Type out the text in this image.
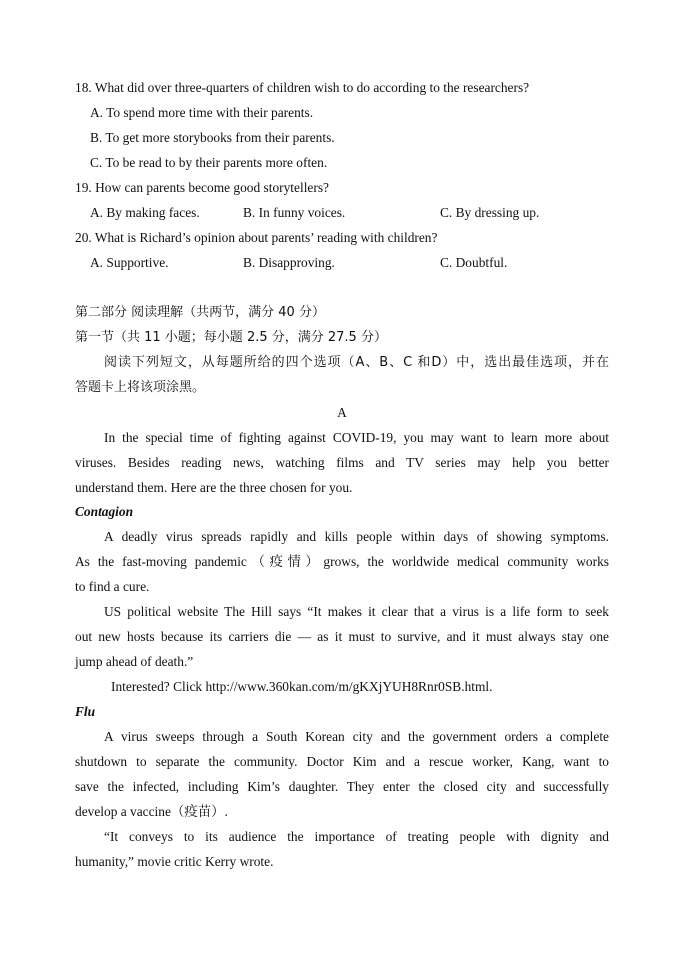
18. What did over three-quarters of children wish to do according to the researchers?
A. To spend more time with their parents.
B. To get more storybooks from their parents.
C. To be read to by their parents more often.
19. How can parents become good storytellers?
A. By making faces.	B. In funny voices.	C. By dressing up.
20. What is Richard’s opinion about parents’ reading with children?
A. Supportive.	B. Disapproving.	C. Doubtful.
第二部分 阅读理解（共两节，满分 40 分）
第一节（共 11 小题；每小题 2.5 分，满分 27.5 分）
阅读下列短文，从每题所给的四个选项（A、B、C 和D）中，选出最佳选项，并在
答题卡上将该项涂黑。
A
In the special time of fighting against COVID-19, you may want to learn more about
viruses. Besides reading news, watching films and TV series may help you better
understand them. Here are the three chosen for you.
Contagion
A deadly virus spreads rapidly and kills people within days of showing symptoms.
As the fast-moving pandemic（疫情）grows, the worldwide medical community works
to find a cure.
US political website The Hill says “It makes it clear that a virus is a life form to seek
out new hosts because its carriers die — as it must to survive, and it must always stay one
jump ahead of death.”
Interested? Click http://www.360kan.com/m/gKXjYUH8Rnr0SB.html.
Flu
A virus sweeps through a South Korean city and the government orders a complete
shutdown to separate the community. Doctor Kim and a rescue worker, Kang, want to
save the infected, including Kim’s daughter. They enter the closed city and successfully
develop a vaccine（疫苗）.
“It conveys to its audience the importance of treating people with dignity and
humanity,” movie critic Kerry wrote.
